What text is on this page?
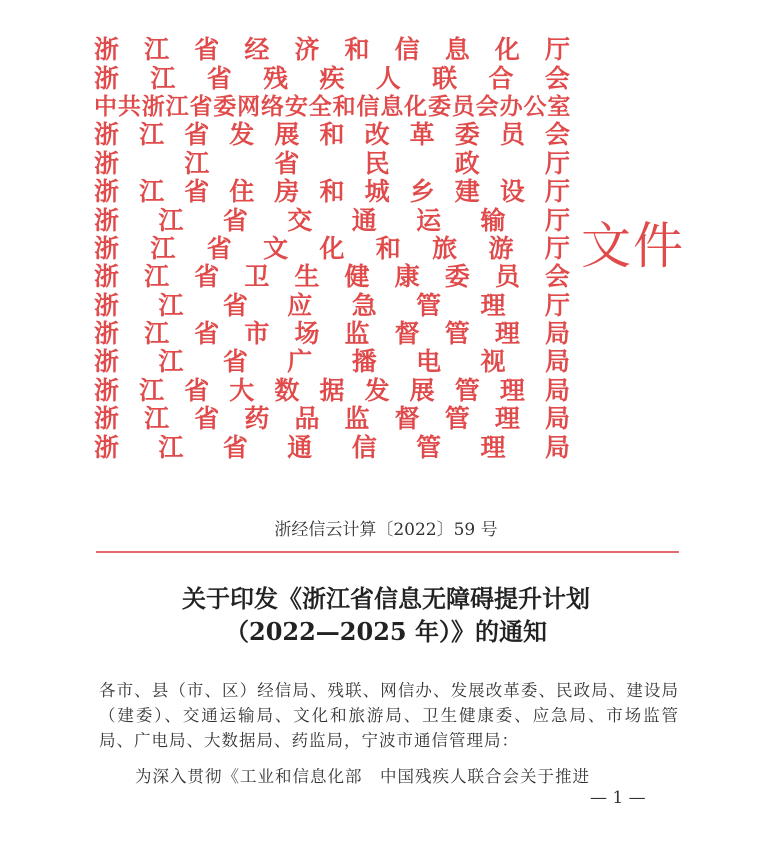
浙 江 省 经 济 和 信 息 化 厅
浙 江 省 残 疾 人 联 合 会
中 共 浙 江 省 委 网 络 安 全 和 信 息 化 委 员 会 办 公 室
浙 江 省 发 展 和 改 革 委 员 会
浙	江	省	民	政	厅
浙 江 省 住 房 和 城 乡 建 设 厅
浙 江 省 交 通 运 输 厅
浙 江 省 文 化 和 旅 游 厅
浙 江 省 卫 生 健 康 委 员 会
浙 江 省 应 急 管 理 厅
浙 江 省 市 场 监 督 管 理 局
浙 江 省 广 播 电 视 局
浙 江 省 大 数 据 发 展 管 理 局
浙 江 省 药 品 监 督 管 理 局
浙 江 省 通 信 管 理 局
文件
浙经信云计算〔2022〕59 号
关于印发《浙江省信息无障碍提升计划
（2022—2025 年）》的通知
各市、县（市、区）经信局、残联、网信办、发展改革委、民政局、建设局（建委）、交通运输局、文化和旅游局、卫生健康委、应急局、市场监管局、广电局、大数据局、药监局，宁波市通信管理局：
为深入贯彻《工业和信息化部　中国残疾人联合会关于推进
— 1 —
